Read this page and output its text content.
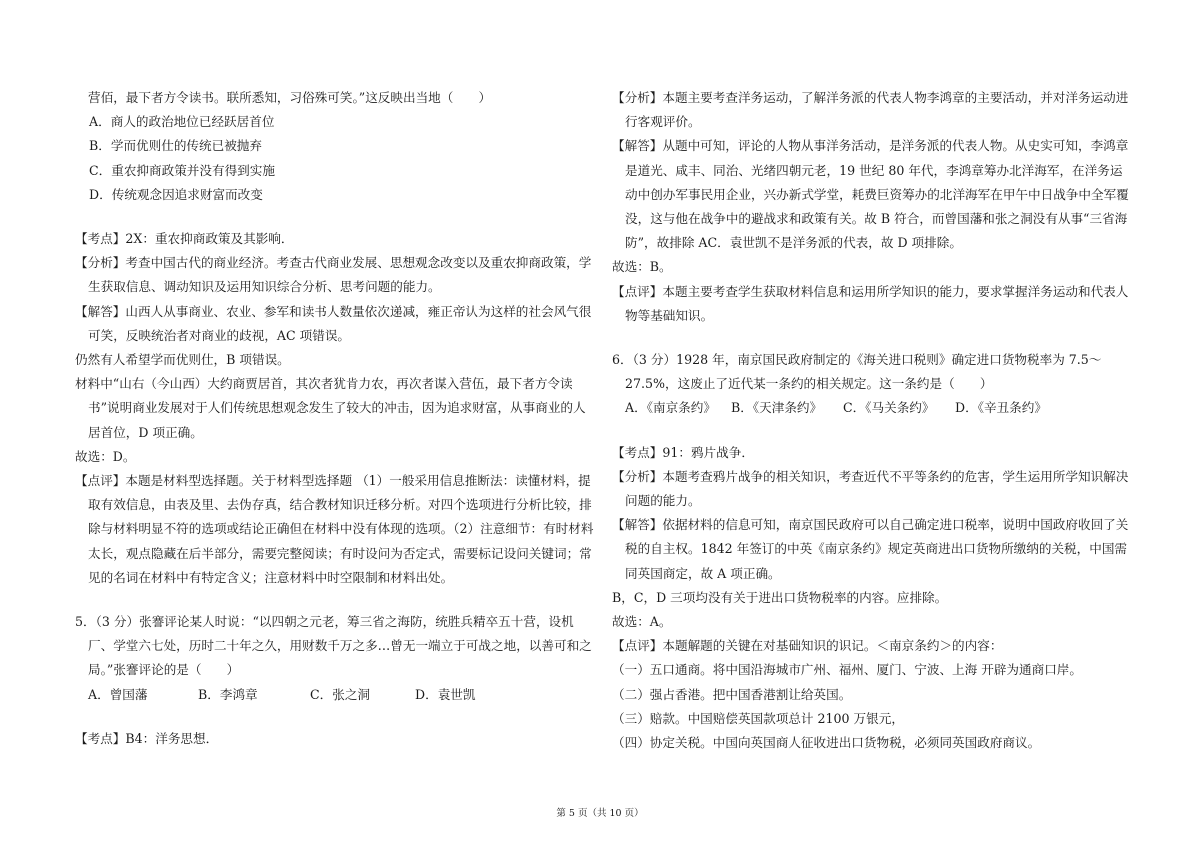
营佰，最下者方令读书。联所悉知，习俗殊可笑。”这反映出当地（　　）

A．商人的政治地位已经跃居首位

B．学而优则仕的传统已被抛弃

C．重农抑商政策并没有得到实施

D．传统观念因追求财富而改变

【考点】2X：重农抑商政策及其影响．

【分析】考查中国古代的商业经济。考查古代商业发展、思想观念改变以及重农抑商政策，学生获取信息、调动知识及运用知识综合分析、思考问题的能力。

【解答】山西人从事商业、农业、参军和读书人数量依次递减，雍正帝认为这样的社会风气很可笑，反映统治者对商业的歧视，AC 项错误。

仍然有人希望学而优则仕，B 项错误。

材料中“山右（今山西）大约商贾居首，其次者犹肯力农，再次者谋入营伍，最下者方令读书”说明商业发展对于人们传统思想观念发生了较大的冲击，因为追求财富，从事商业的人居首位，D 项正确。

故选：D。

【点评】本题是材料型选择题。关于材料型选择题 （1）一般采用信息推断法：读懂材料，提取有效信息，由表及里、去伪存真，结合教材知识迁移分析。对四个选项进行分析比较，排除与材料明显不符的选项或结论正确但在材料中没有体现的选项。（2）注意细节：有时材料太长，观点隐藏在后半部分，需要完整阅读；有时设问为否定式，需要标记设问关键词；常见的名词在材料中有特定含义；注意材料中时空限制和材料出处。

5．（3 分）张謇评论某人时说：“以四朝之元老，筹三省之海防，统胜兵精卒五十营，设机厂、学堂六七处，历时二十年之久，用财数千万之多…曾无一端立于可战之地，以善可和之局。”张謇评论的是（　　）

A．曾国藩	B．李鸿章	C．张之洞	D．袁世凯

【考点】B4：洋务思想．

【分析】本题主要考查洋务运动，了解洋务派的代表人物李鸿章的主要活动，并对洋务运动进行客观评价。

【解答】从题中可知，评论的人物从事洋务活动，是洋务派的代表人物。从史实可知，李鸿章是道光、咸丰、同治、光绪四朝元老，19 世纪 80 年代，李鸿章筹办北洋海军，在洋务运动中创办军事民用企业，兴办新式学堂，耗费巨资筹办的北洋海军在甲午中日战争中全军覆没，这与他在战争中的避战求和政策有关。故 B 符合，而曾国藩和张之洞没有从事“三省海防”，故排除 AC．袁世凯不是洋务派的代表，故 D 项排除。

故选：B。

【点评】本题主要考查学生获取材料信息和运用所学知识的能力，要求掌握洋务运动和代表人物等基础知识。

6．（3 分）1928 年，南京国民政府制定的《海关进口税则》确定进口货物税率为 7.5～27.5%，这废止了近代某一条约的相关规定。这一条约是（　　）

A．《南京条约》	B．《天津条约》	C．《马关条约》	D．《辛丑条约》

【考点】91：鸦片战争．

【分析】本题考查鸦片战争的相关知识，考查近代不平等条约的危害，学生运用所学知识解决问题的能力。

【解答】依据材料的信息可知，南京国民政府可以自己确定进口税率，说明中国政府收回了关税的自主权。1842 年签订的中英《南京条约》规定英商进出口货物所缴纳的关税，中国需同英国商定，故 A 项正确。

B，C，D 三项均没有关于进出口货物税率的内容。应排除。

故选：A。

【点评】本题解题的关键在对基础知识的识记。＜南京条约＞的内容：

（一）五口通商。将中国沿海城市广州、福州、厦门、宁波、上海 开辟为通商口岸。

（二）强占香港。把中国香港割让给英国。

（三）赔款。中国赔偿英国款项总计 2100 万银元，

（四）协定关税。中国向英国商人征收进出口货物税，必须同英国政府商议。

第 5 页（共 10 页）
